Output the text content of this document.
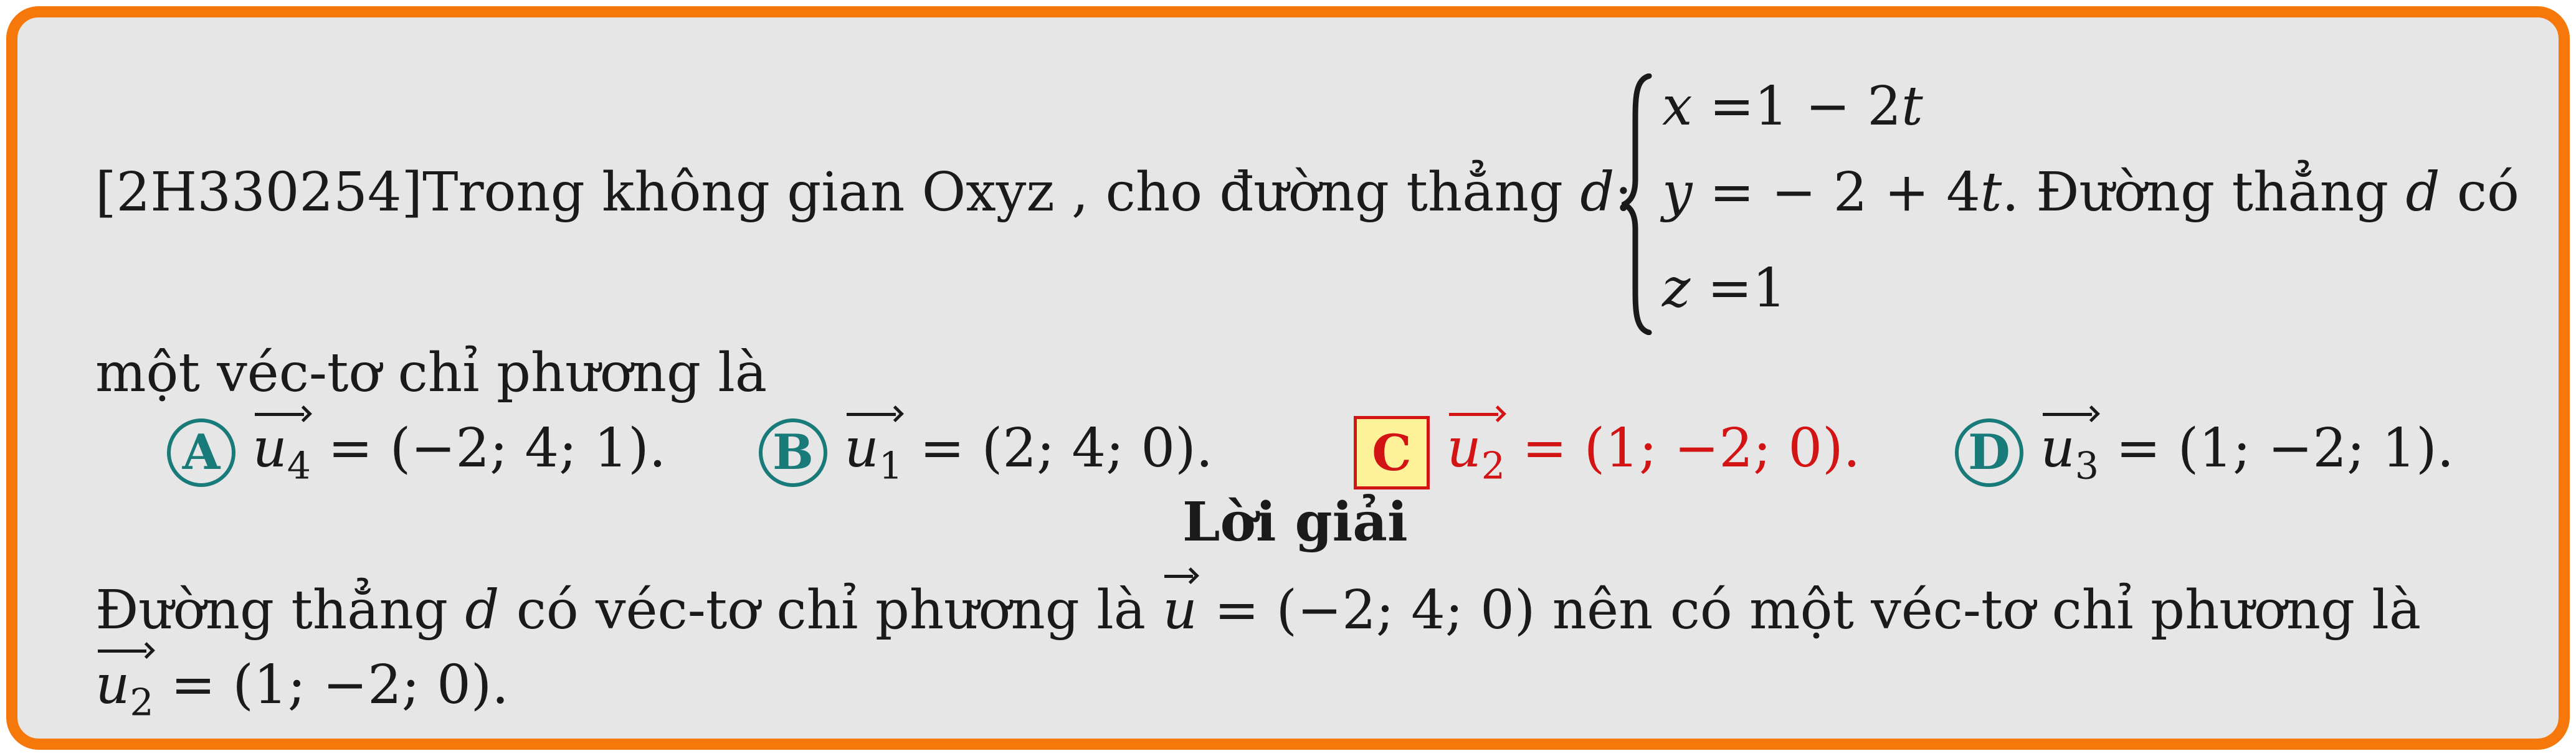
[2H330254]Trong không gian Oxyz , cho đường thẳng d:
x =1 − 2t
y = − 2 + 4t. Đường thẳng d có
z =1
một véc-tơ chỉ phương là
A $u_4 = (-2$; 4; 1). B $u_1 = (2$; 4; 0).	C $u_2 = (1$; −2; 0). D $u_3 = (1$; −2; 1).
Lời giải
Đường thẳng d có véc-tơ chỉ phương là u = (−2; 4; 0) nên có một véc-tơ chỉ phương là
$u_2 = (1$; −2; 0).
